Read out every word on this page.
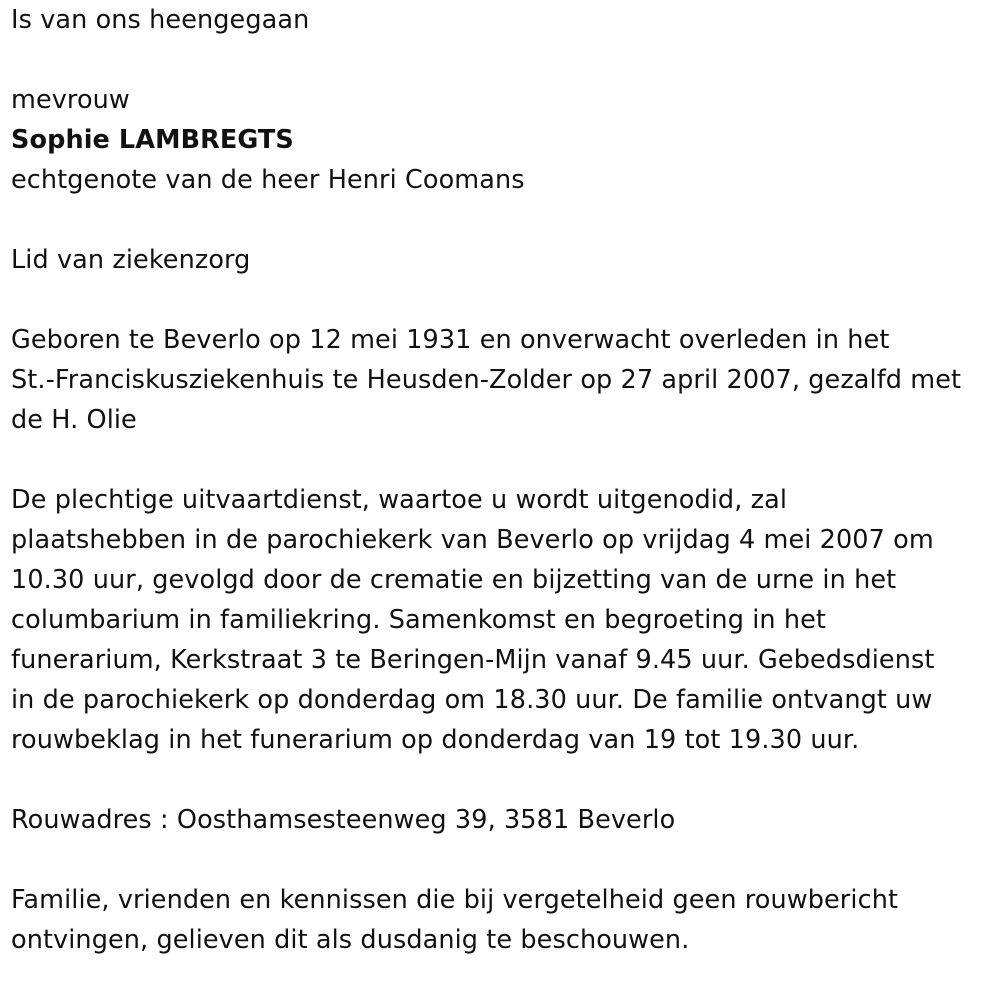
Is van ons heengegaan
mevrouw
Sophie LAMBREGTS
echtgenote van de heer Henri Coomans
Lid van ziekenzorg
Geboren te Beverlo op 12 mei 1931 en onverwacht overleden in het
St.-Franciskusziekenhuis te Heusden-Zolder op 27 april 2007, gezalfd met
de H. Olie
De plechtige uitvaartdienst, waartoe u wordt uitgenodid, zal
plaatshebben in de parochiekerk van Beverlo op vrijdag 4 mei 2007 om
10.30 uur, gevolgd door de crematie en bijzetting van de urne in het
columbarium in familiekring. Samenkomst en begroeting in het
funerarium, Kerkstraat 3 te Beringen-Mijn vanaf 9.45 uur. Gebedsdienst
in de parochiekerk op donderdag om 18.30 uur. De familie ontvangt uw
rouwbeklag in het funerarium op donderdag van 19 tot 19.30 uur.
Rouwadres : Oosthamsesteenweg 39, 3581 Beverlo
Familie, vrienden en kennissen die bij vergetelheid geen rouwbericht
ontvingen, gelieven dit als dusdanig te beschouwen.
